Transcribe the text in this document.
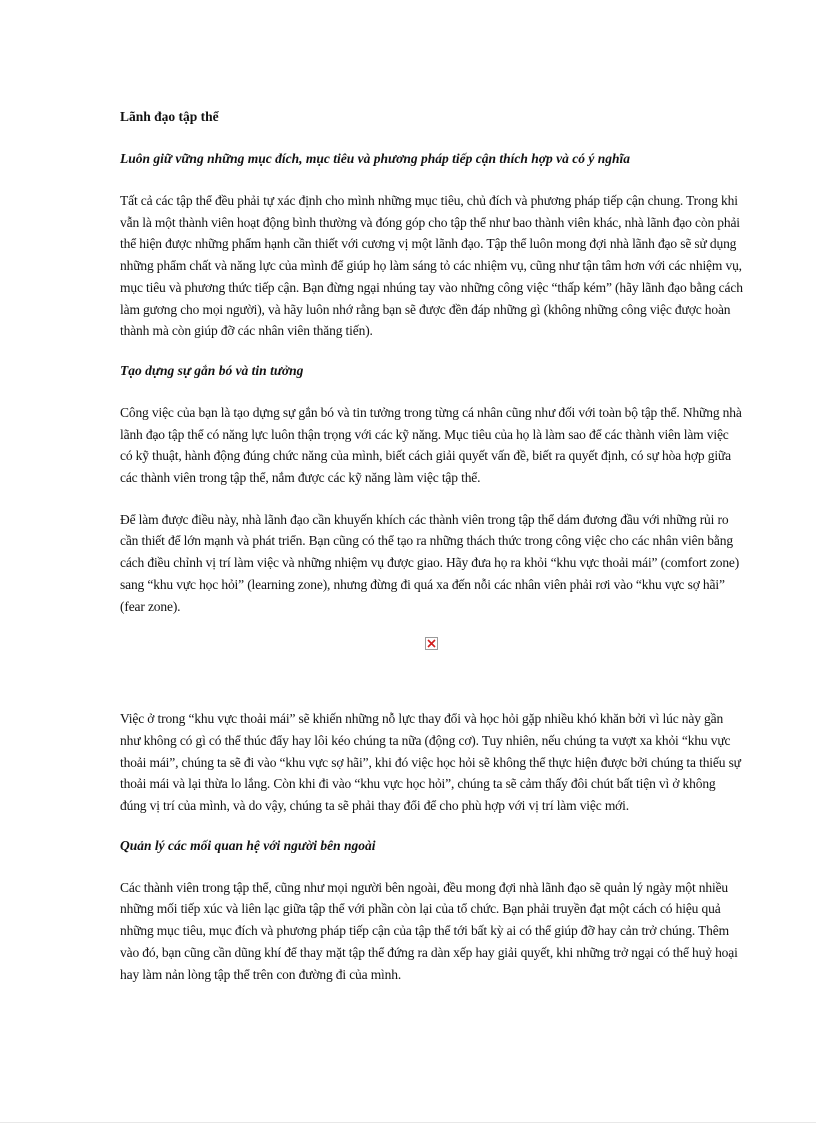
Lãnh đạo tập thể
Luôn giữ vững những mục đích, mục tiêu và phương pháp tiếp cận thích hợp và có ý nghĩa
Tất cả các tập thể đều phải tự xác định cho mình những mục tiêu, chủ đích và phương pháp tiếp cận chung. Trong khi vẫn là một thành viên hoạt động bình thường và đóng góp cho tập thể như bao thành viên khác, nhà lãnh đạo còn phải thể hiện được những phẩm hạnh cần thiết với cương vị một lãnh đạo. Tập thể luôn mong đợi nhà lãnh đạo sẽ sử dụng những phẩm chất và năng lực của mình để giúp họ làm sáng tỏ các nhiệm vụ, cũng như tận tâm hơn với các nhiệm vụ, mục tiêu và phương thức tiếp cận. Bạn đừng ngại nhúng tay vào những công việc “thấp kém” (hãy lãnh đạo bằng cách làm gương cho mọi người), và hãy luôn nhớ rằng bạn sẽ được đền đáp những gì (không những công việc được hoàn thành mà còn giúp đỡ các nhân viên thăng tiến).
Tạo dựng sự gắn bó và tin tưởng
Công việc của bạn là tạo dựng sự gắn bó và tin tưởng trong từng cá nhân cũng như đối với toàn bộ tập thể. Những nhà lãnh đạo tập thể có năng lực luôn thận trọng với các kỹ năng. Mục tiêu của họ là làm sao để các thành viên làm việc có kỹ thuật, hành động đúng chức năng của mình, biết cách giải quyết vấn đề, biết ra quyết định, có sự hòa hợp giữa các thành viên trong tập thể, nắm được các kỹ năng làm việc tập thể.
Để làm được điều này, nhà lãnh đạo cần khuyến khích các thành viên trong tập thể dám đương đầu với những rủi ro cần thiết để lớn mạnh và phát triển. Bạn cũng có thể tạo ra những thách thức trong công việc cho các nhân viên bằng cách điều chỉnh vị trí làm việc và những nhiệm vụ được giao. Hãy đưa họ ra khỏi “khu vực thoải mái” (comfort zone) sang “khu vực học hỏi” (learning zone), nhưng đừng đi quá xa đến nỗi các nhân viên phải rơi vào “khu vực sợ hãi” (fear zone).
Việc ở trong “khu vực thoải mái” sẽ khiến những nỗ lực thay đổi và học hỏi gặp nhiều khó khăn bởi vì lúc này gần như không có gì có thể thúc đẩy hay lôi kéo chúng ta nữa (động cơ). Tuy nhiên, nếu chúng ta vượt xa khỏi “khu vực thoải mái”, chúng ta sẽ đi vào “khu vực sợ hãi”, khi đó việc học hỏi sẽ không thể thực hiện được bởi chúng ta thiếu sự thoải mái và lại thừa lo lắng. Còn khi đi vào “khu vực học hỏi”, chúng ta sẽ cảm thấy đôi chút bất tiện vì ở không đúng vị trí của mình, và do vậy, chúng ta sẽ phải thay đổi để cho phù hợp với vị trí làm việc mới.
Quản lý các mối quan hệ với người bên ngoài
Các thành viên trong tập thể, cũng như mọi người bên ngoài, đều mong đợi nhà lãnh đạo sẽ quản lý ngày một nhiều những mối tiếp xúc và liên lạc giữa tập thể với phần còn lại của tổ chức. Bạn phải truyền đạt một cách có hiệu quả những mục tiêu, mục đích và phương pháp tiếp cận của tập thể tới bất kỳ ai có thể giúp đỡ hay cản trở chúng. Thêm vào đó, bạn cũng cần dũng khí để thay mặt tập thể đứng ra dàn xếp hay giải quyết, khi những trở ngại có thể huỷ hoại hay làm nản lòng tập thể trên con đường đi của mình.
